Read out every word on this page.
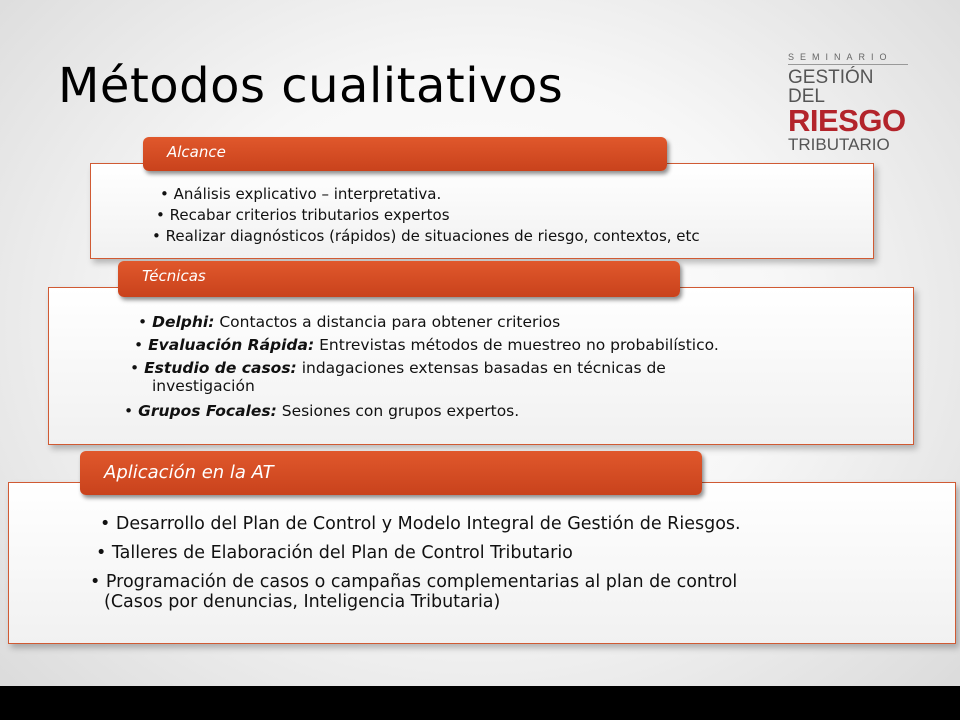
Métodos cualitativos
SEMINARIO
GESTIÓN DEL
RIESGO
TRIBUTARIO
Alcance
• Análisis explicativo – interpretativa.
• Recabar criterios tributarios expertos
• Realizar diagnósticos (rápidos) de situaciones de riesgo, contextos, etc
Técnicas
• Delphi: Contactos a distancia para obtener criterios
• Evaluación Rápida: Entrevistas métodos de muestreo no probabilístico.
• Estudio de casos: indagaciones extensas basadas en técnicas de
investigación
• Grupos Focales: Sesiones con grupos expertos.
Aplicación en la AT
• Desarrollo del Plan de Control y Modelo Integral de Gestión de Riesgos.
• Talleres de Elaboración del Plan de Control Tributario
• Programación de casos o campañas complementarias al plan de control
(Casos por denuncias, Inteligencia Tributaria)
